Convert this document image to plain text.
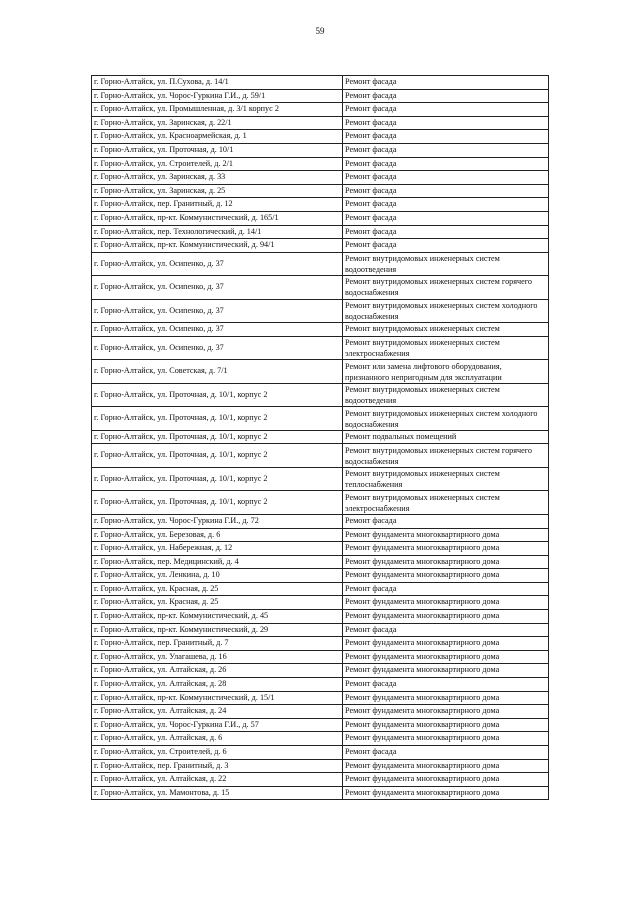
59
г. Горно-Алтайск, ул. П.Сухова, д. 14/1	Ремонт фасада
г. Горно-Алтайск, ул. Чорос-Гуркина Г.И., д. 59/1	Ремонт фасада
г. Горно-Алтайск, ул. Промышленная, д. 3/1 корпус 2	Ремонт фасада
г. Горно-Алтайск, ул. Заринская, д. 22/1	Ремонт фасада
г. Горно-Алтайск, ул. Красноармейская, д. 1	Ремонт фасада
г. Горно-Алтайск, ул. Проточная, д. 10/1	Ремонт фасада
г. Горно-Алтайск, ул. Строителей, д. 2/1	Ремонт фасада
г. Горно-Алтайск, ул. Заринская, д. 33	Ремонт фасада
г. Горно-Алтайск, ул. Заринская, д. 25	Ремонт фасада
г. Горно-Алтайск, пер. Гранитный, д. 12	Ремонт фасада
г. Горно-Алтайск, пр-кт. Коммунистический, д. 165/1	Ремонт фасада
г. Горно-Алтайск, пер. Технологический, д. 14/1	Ремонт фасада
г. Горно-Алтайск, пр-кт. Коммунистический, д. 94/1	Ремонт фасада
г. Горно-Алтайск, ул. Осипенко, д. 37	Ремонт внутридомовых инженерных систем водоотведения
г. Горно-Алтайск, ул. Осипенко, д. 37	Ремонт внутридомовых инженерных систем горячего водоснабжения
г. Горно-Алтайск, ул. Осипенко, д. 37	Ремонт внутридомовых инженерных систем холодного водоснабжения
г. Горно-Алтайск, ул. Осипенко, д. 37	Ремонт внутридомовых инженерных систем
г. Горно-Алтайск, ул. Осипенко, д. 37	Ремонт внутридомовых инженерных систем электроснабжения
г. Горно-Алтайск, ул. Советская, д. 7/1	Ремонт или замена лифтового оборудования, признанного непригодным для эксплуатации
г. Горно-Алтайск, ул. Проточная, д. 10/1, корпус 2	Ремонт внутридомовых инженерных систем водоотведения
г. Горно-Алтайск, ул. Проточная, д. 10/1, корпус 2	Ремонт внутридомовых инженерных систем холодного водоснабжения
г. Горно-Алтайск, ул. Проточная, д. 10/1, корпус 2	Ремонт подвальных помещений
г. Горно-Алтайск, ул. Проточная, д. 10/1, корпус 2	Ремонт внутридомовых инженерных систем горячего водоснабжения
г. Горно-Алтайск, ул. Проточная, д. 10/1, корпус 2	Ремонт внутридомовых инженерных систем теплоснабжения
г. Горно-Алтайск, ул. Проточная, д. 10/1, корпус 2	Ремонт внутридомовых инженерных систем электроснабжения
г. Горно-Алтайск, ул. Чорос-Гуркина Г.И., д. 72	Ремонт фасада
г. Горно-Алтайск, ул. Березовая, д. 6	Ремонт фундамента многоквартирного дома
г. Горно-Алтайск, ул. Набережная, д. 12	Ремонт фундамента многоквартирного дома
г. Горно-Алтайск, пер. Медицинский, д. 4	Ремонт фундамента многоквартирного дома
г. Горно-Алтайск, ул. Ленкина, д. 10	Ремонт фундамента многоквартирного дома
г. Горно-Алтайск, ул. Красная, д. 25	Ремонт фасада
г. Горно-Алтайск, ул. Красная, д. 25	Ремонт фундамента многоквартирного дома
г. Горно-Алтайск, пр-кт. Коммунистический, д. 45	Ремонт фундамента многоквартирного дома
г. Горно-Алтайск, пр-кт. Коммунистический, д. 29	Ремонт фасада
г. Горно-Алтайск, пер. Гранитный, д. 7	Ремонт фундамента многоквартирного дома
г. Горно-Алтайск, ул. Улагашева, д. 16	Ремонт фундамента многоквартирного дома
г. Горно-Алтайск, ул. Алтайская, д. 26	Ремонт фундамента многоквартирного дома
г. Горно-Алтайск, ул. Алтайская, д. 28	Ремонт фасада
г. Горно-Алтайск, пр-кт. Коммунистический, д. 15/1	Ремонт фундамента многоквартирного дома
г. Горно-Алтайск, ул. Алтайская, д. 24	Ремонт фундамента многоквартирного дома
г. Горно-Алтайск, ул. Чорос-Гуркина Г.И., д. 57	Ремонт фундамента многоквартирного дома
г. Горно-Алтайск, ул. Алтайская, д. 6	Ремонт фундамента многоквартирного дома
г. Горно-Алтайск, ул. Строителей, д. 6	Ремонт фасада
г. Горно-Алтайск, пер. Гранитный, д. 3	Ремонт фундамента многоквартирного дома
г. Горно-Алтайск, ул. Алтайская, д. 22	Ремонт фундамента многоквартирного дома
г. Горно-Алтайск, ул. Мамонтова, д. 15	Ремонт фундамента многоквартирного дома
